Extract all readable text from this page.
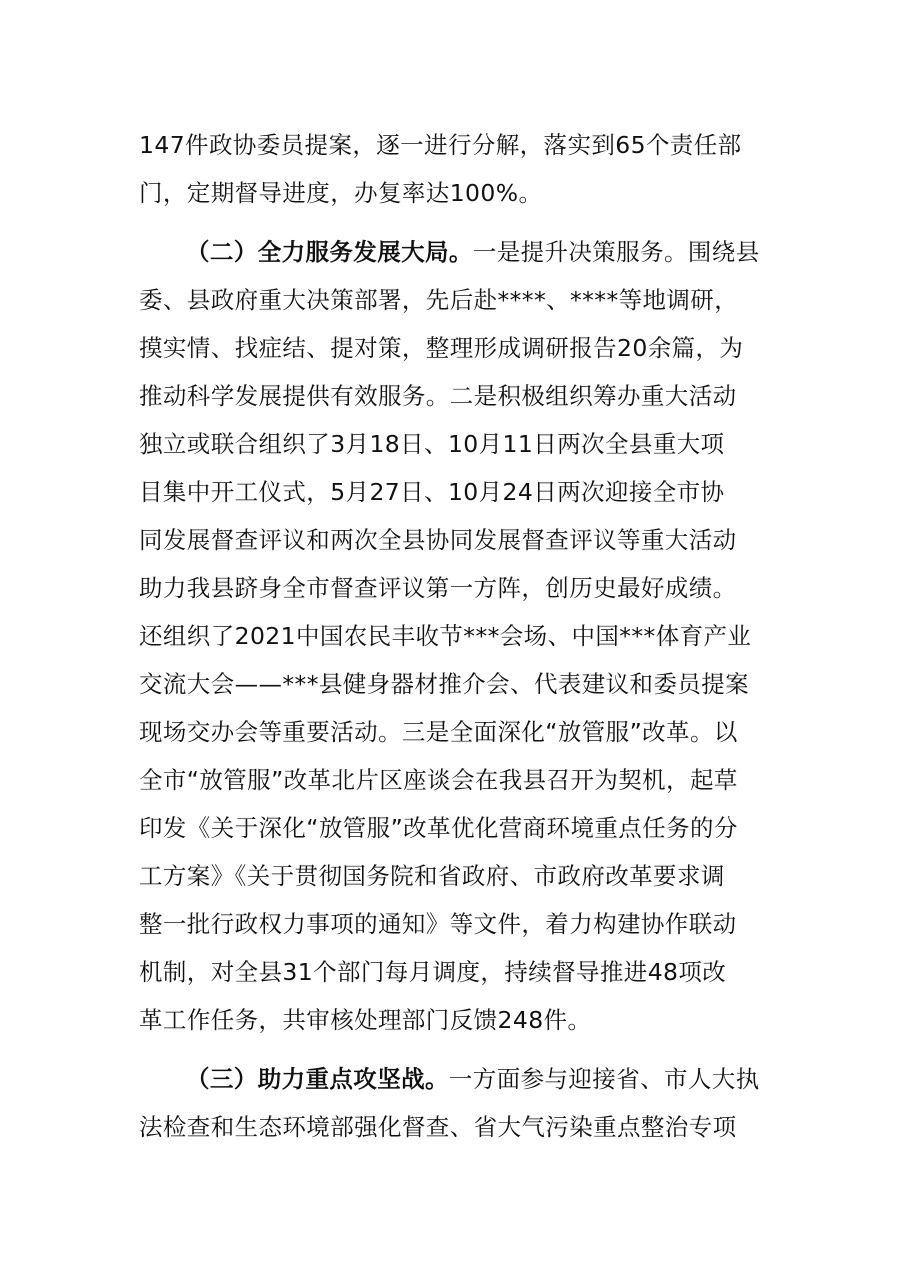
147件政协委员提案，逐一进行分解，落实到65个责任部
门，定期督导进度，办复率达100%。
（二）全力服务发展大局。一是提升决策服务。围绕县
委、县政府重大决策部署，先后赴****、****等地调研，
摸实情、找症结、提对策，整理形成调研报告20余篇，为
推动科学发展提供有效服务。二是积极组织筹办重大活动
独立或联合组织了3月18日、10月11日两次全县重大项
目集中开工仪式，5月27日、10月24日两次迎接全市协
同发展督查评议和两次全县协同发展督查评议等重大活动
助力我县跻身全市督查评议第一方阵，创历史最好成绩。
还组织了2021中国农民丰收节***会场、中国***体育产业
交流大会——***县健身器材推介会、代表建议和委员提案
现场交办会等重要活动。三是全面深化“放管服”改革。以
全市“放管服”改革北片区座谈会在我县召开为契机，起草
印发《关于深化“放管服”改革优化营商环境重点任务的分
工方案》《关于贯彻国务院和省政府、市政府改革要求调
整一批行政权力事项的通知》等文件，着力构建协作联动
机制，对全县31个部门每月调度，持续督导推进48项改
革工作任务，共审核处理部门反馈248件。
（三）助力重点攻坚战。一方面参与迎接省、市人大执
法检查和生态环境部强化督查、省大气污染重点整治专项
